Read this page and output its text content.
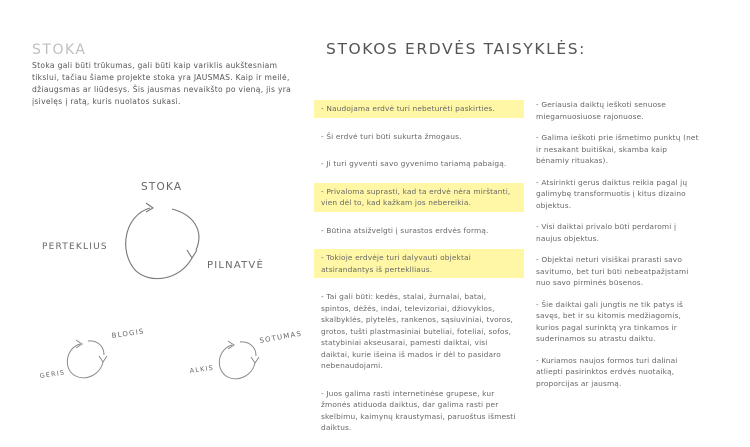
STOKA

Stoka gali būti trūkumas, gali būti kaip variklis aukštesniam tikslui, tačiau šiame projekte stoka yra JAUSMAS. Kaip ir meilė, džiaugsmas ar liūdesys. Šis jausmas nevaikšto po vieną, jis yra įsivelęs į ratą, kuris nuolatos sukasi.

STOKA
PERTEKLIUS
PILNATVĖ
BLOGIS
GERIS
SOTUMAS
ALKIS
STOKOS ERDVĖS TAISYKLĖS:
- Naudojama erdvė turi nebeturėti paskirties.
- Ši erdvė turi būti sukurta žmogaus.
- Ji turi gyventi savo gyvenimo tariamą pabaigą.
- Privaloma suprasti, kad ta erdvė nėra mirštanti, vien dėl to, kad kažkam jos nebereikia.
- Būtina atsižvelgti į surastos erdvės formą.
- Tokioje erdvėje turi dalyvauti objektai atsirandantys iš perteklliaus.
- Tai gali būti: kedės, stalai, žurnalai, batai, spintos, dėžės, indai, televizoriai, džiovyklos, skalbyklės, plytelės, rankenos, sąsiuviniai, tvoros, grotos, tušti plastmasiniai buteliai, foteliai, sofos, statybiniai akseusarai, pamesti daiktai, visi daiktai, kurie išeina iš mados ir dėl to pasidaro nebenaudojami.
- Juos galima rasti internetinėse grupese, kur žmonės atiduoda daiktus, dar galima rasti per skelbimu, kaimynų kraustymasi, paruoštus išmesti daiktus.
- Geriausia daiktų ieškoti senuose miegamuosiuose rajonuose.
- Galima ieškoti prie išmetimo punktų (net ir nesakant buitiškai, skamba kaip bėnamiy rituakas).
- Atsirinkti gerus daiktus reikia pagal jų galimybę transformuotis į kitus dizaino objektus.
- Visi daiktai privalo būti perdaromi į naujus objektus.
- Objektai neturi visiškai prarasti savo savitumo, bet turi būti nebeatpažįstami nuo savo pirminės būsenos.
- Šie daiktai gali jungtis ne tik patys iš savęs, bet ir su kitomis medžiagomis, kurios pagal surinktą yra tinkamos ir suderinamos su atrastu daiktu.
- Kuriamos naujos formos turi dalinai atliepti pasirinktos erdvės nuotaiką, proporcijas ar jausmą.
